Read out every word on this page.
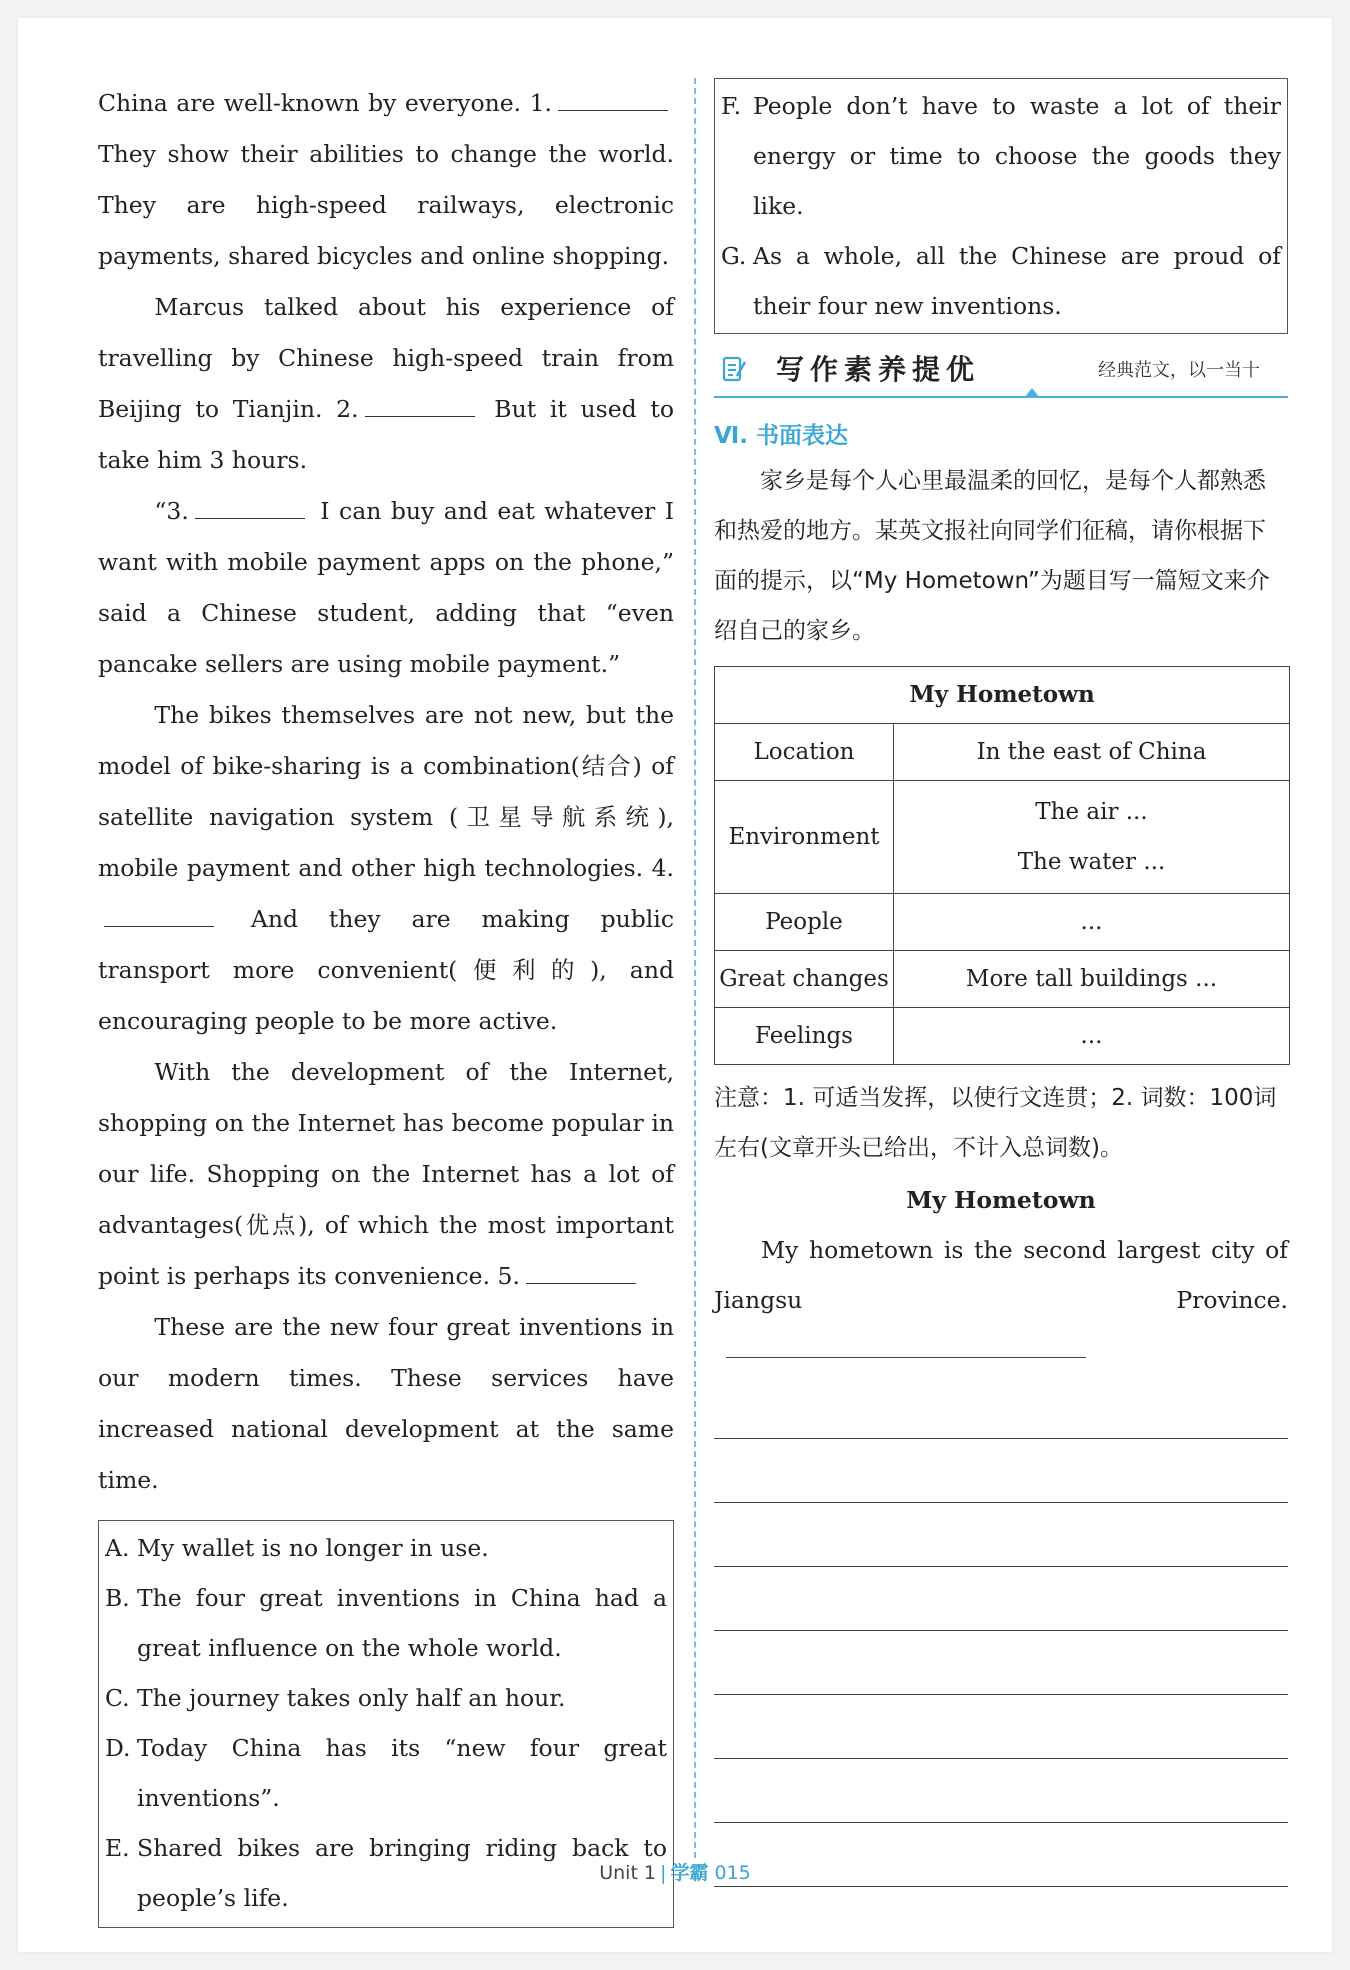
China are well-known by everyone. 1. They show their abilities to change the world. They are high-speed railways, electronic payments, shared bicycles and online shopping.

Marcus talked about his experience of travelling by Chinese high-speed train from Beijing to Tianjin. 2.	But it used to take him 3 hours.

“3.	I can buy and eat whatever I want with mobile payment apps on the phone,” said a Chinese student, adding that “even pancake sellers are using mobile payment.”

The bikes themselves are not new, but the model of bike-sharing is a combination(结合) of satellite navigation system (卫星导航系统), mobile payment and other high technologies. 4. And they are making public transport more convenient(便利的), and encouraging people to be more active.

With the development of the Internet, shopping on the Internet has become popular in our life. Shopping on the Internet has a lot of advantages(优点), of which the most important point is perhaps its convenience. 5.

These are the new four great inventions in our modern times. These services have increased national development at the same time.

A. My wallet is no longer in use.
B. The four great inventions in China had a great influence on the whole world.
C. The journey takes only half an hour.
D. Today China has its “new four great inventions”.
E. Shared bikes are bringing riding back to people’s life.
F. People don’t have to waste a lot of their energy or time to choose the goods they like.
G. As a whole, all the Chinese are proud of their four new inventions.
写作素养提优	经典范文，以一当十
Ⅵ. 书面表达
家乡是每个人心里最温柔的回忆，是每个人都熟悉和热爱的地方。某英文报社向同学们征稿，请你根据下面的提示，以“My Hometown”为题目写一篇短文来介绍自己的家乡。
My Hometown	
Location	In the east of China
Environment	The air ...
The water ...

People	...
Great changes	More tall buildings ...
Feelings	...
注意：1. 可适当发挥，以使行文连贯；2. 词数：100词左右(文章开头已给出，不计入总词数)。
My Hometown
My hometown is the second largest city of Jiangsu Province.
Unit 1 | 学霸 015
